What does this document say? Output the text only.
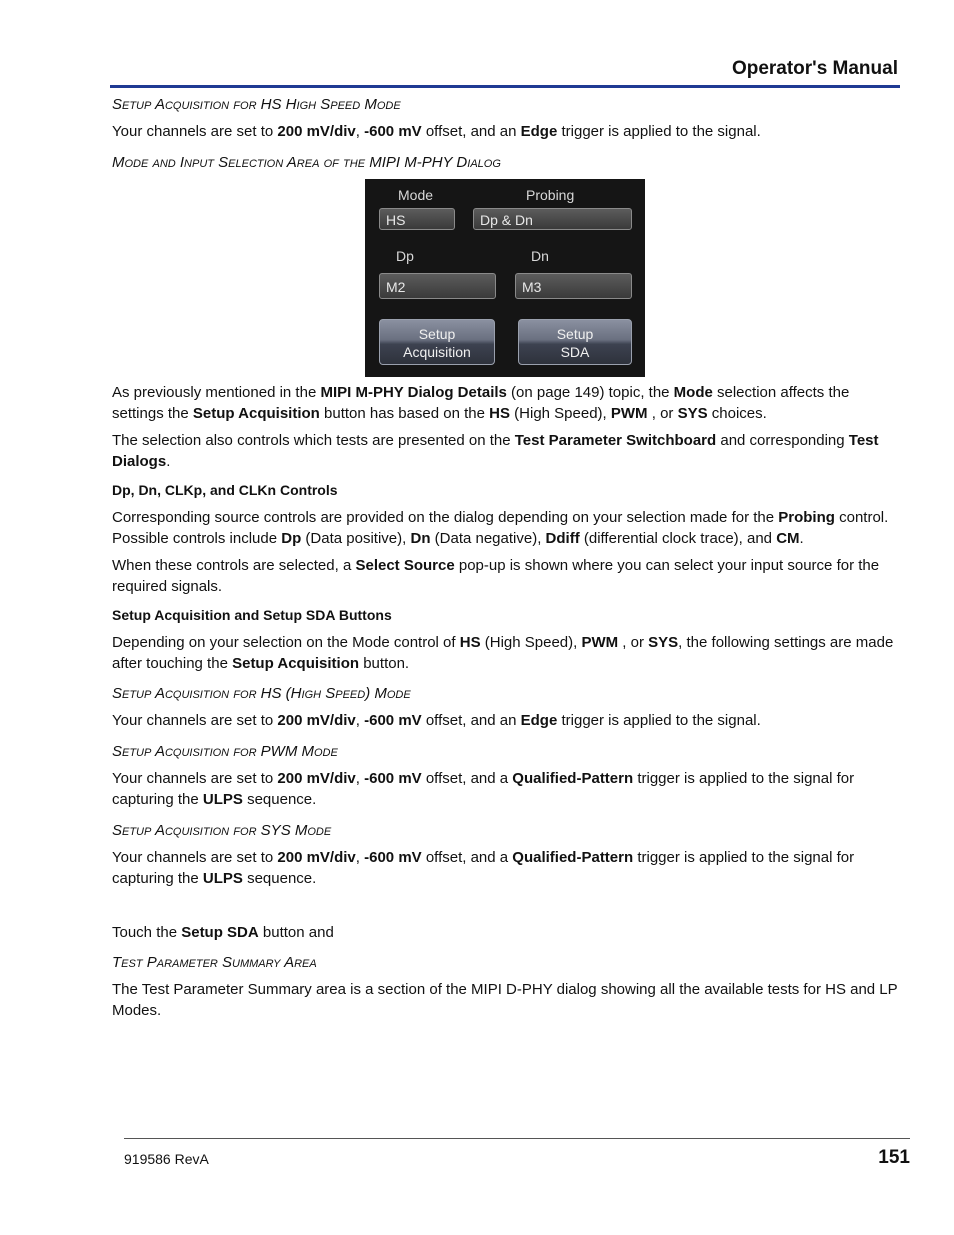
Operator's Manual
Setup Acquisition for HS High Speed Mode
Your channels are set to 200 mV/div, -600 mV offset, and an Edge trigger is applied to the signal.
Mode and Input Selection Area of the MIPI M-PHY Dialog
Mode	Probing
HS	Dp & Dn
Dp	Dn
M2	M3
Setup
Acquisition
Setup
SDA
As previously mentioned in the MIPI M-PHY Dialog Details (on page 149) topic, the Mode selection affects the settings the Setup Acquisition button has based on the HS (High Speed), PWM , or SYS choices.
The selection also controls which tests are presented on the Test Parameter Switchboard and corresponding Test Dialogs.
Dp, Dn, CLKp, and CLKn Controls
Corresponding source controls are provided on the dialog depending on your selection made for the Probing control. Possible controls include Dp (Data positive), Dn (Data negative), Ddiff (differential clock trace), and CM.
When these controls are selected, a Select Source pop-up is shown where you can select your input source for the required signals.
Setup Acquisition and Setup SDA Buttons
Depending on your selection on the Mode control of HS (High Speed), PWM , or SYS, the following settings are made after touching the Setup Acquisition button.
Setup Acquisition for HS (High Speed) Mode
Your channels are set to 200 mV/div, -600 mV offset, and an Edge trigger is applied to the signal.
Setup Acquisition for PWM Mode
Your channels are set to 200 mV/div, -600 mV offset, and a Qualified-Pattern trigger is applied to the signal for capturing the ULPS sequence.
Setup Acquisition for SYS Mode
Your channels are set to 200 mV/div, -600 mV offset, and a Qualified-Pattern trigger is applied to the signal for capturing the ULPS sequence.
Touch the Setup SDA button and
Test Parameter Summary Area
The Test Parameter Summary area is a section of the MIPI D-PHY dialog showing all the available tests for HS and LP Modes.
919586 RevA	151
